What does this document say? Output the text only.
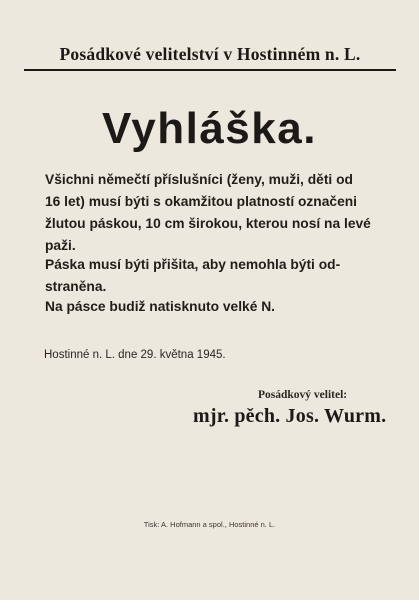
Posádkové velitelství v Hostinném n. L.
Vyhláška.
Všichni němečtí příslušníci (ženy, muži, děti od
16 let) musí býti s okamžitou platností označeni
žlutou páskou, 10 cm širokou, kterou nosí na levé
paži.
Páska musí býti přišita, aby nemohla býti od-
straněna.
Na pásce budiž natisknuto velké N.
Hostinné n. L. dne 29. května 1945.
Posádkový velitel:
mjr. pěch. Jos. Wurm.
Tisk: A. Hofmann a spol., Hostinné n. L.
